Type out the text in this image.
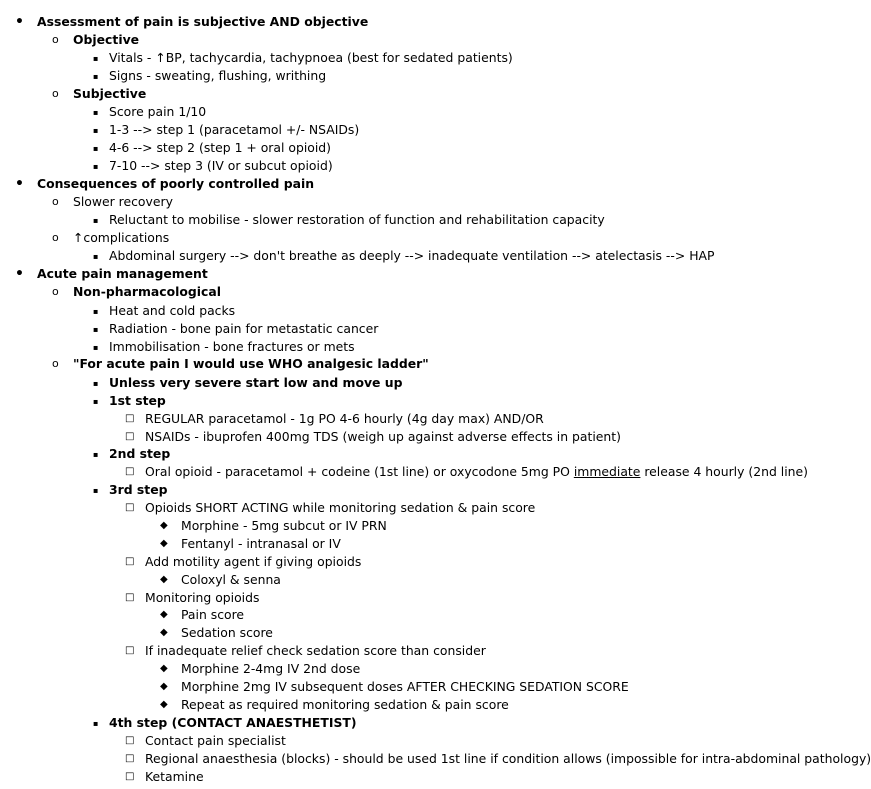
• Assessment of pain is subjective AND objective
o Objective
▪ Vitals - ↑BP, tachycardia, tachypnoea (best for sedated patients)
▪ Signs - sweating, flushing, writhing
o Subjective
▪ Score pain 1/10
▪ 1-3 --> step 1 (paracetamol +/- NSAIDs)
▪ 4-6 --> step 2 (step 1 + oral opioid)
▪ 7-10 --> step 3 (IV or subcut opioid)
• Consequences of poorly controlled pain
o Slower recovery
▪ Reluctant to mobilise - slower restoration of function and rehabilitation capacity
o ↑complications
▪ Abdominal surgery --> don't breathe as deeply --> inadequate ventilation --> atelectasis --> HAP
• Acute pain management
o Non-pharmacological
▪ Heat and cold packs
▪ Radiation - bone pain for metastatic cancer
▪ Immobilisation - bone fractures or mets
o "For acute pain I would use WHO analgesic ladder"
▪ Unless very severe start low and move up
▪ 1st step
□ REGULAR paracetamol - 1g PO 4-6 hourly (4g day max) AND/OR
□ NSAIDs - ibuprofen 400mg TDS (weigh up against adverse effects in patient)
▪ 2nd step
□ Oral opioid - paracetamol + codeine (1st line) or oxycodone 5mg PO immediate release 4 hourly (2nd line)
▪ 3rd step
□ Opioids SHORT ACTING while monitoring sedation & pain score
◆ Morphine - 5mg subcut or IV PRN
◆ Fentanyl - intranasal or IV
□ Add motility agent if giving opioids
◆ Coloxyl & senna
□ Monitoring opioids
◆ Pain score
◆ Sedation score
□ If inadequate relief check sedation score than consider
◆ Morphine 2-4mg IV 2nd dose
◆ Morphine 2mg IV subsequent doses AFTER CHECKING SEDATION SCORE
◆ Repeat as required monitoring sedation & pain score
▪ 4th step (CONTACT ANAESTHETIST)
□ Contact pain specialist
□ Regional anaesthesia (blocks) - should be used 1st line if condition allows (impossible for intra-abdominal pathology)
□ Ketamine
